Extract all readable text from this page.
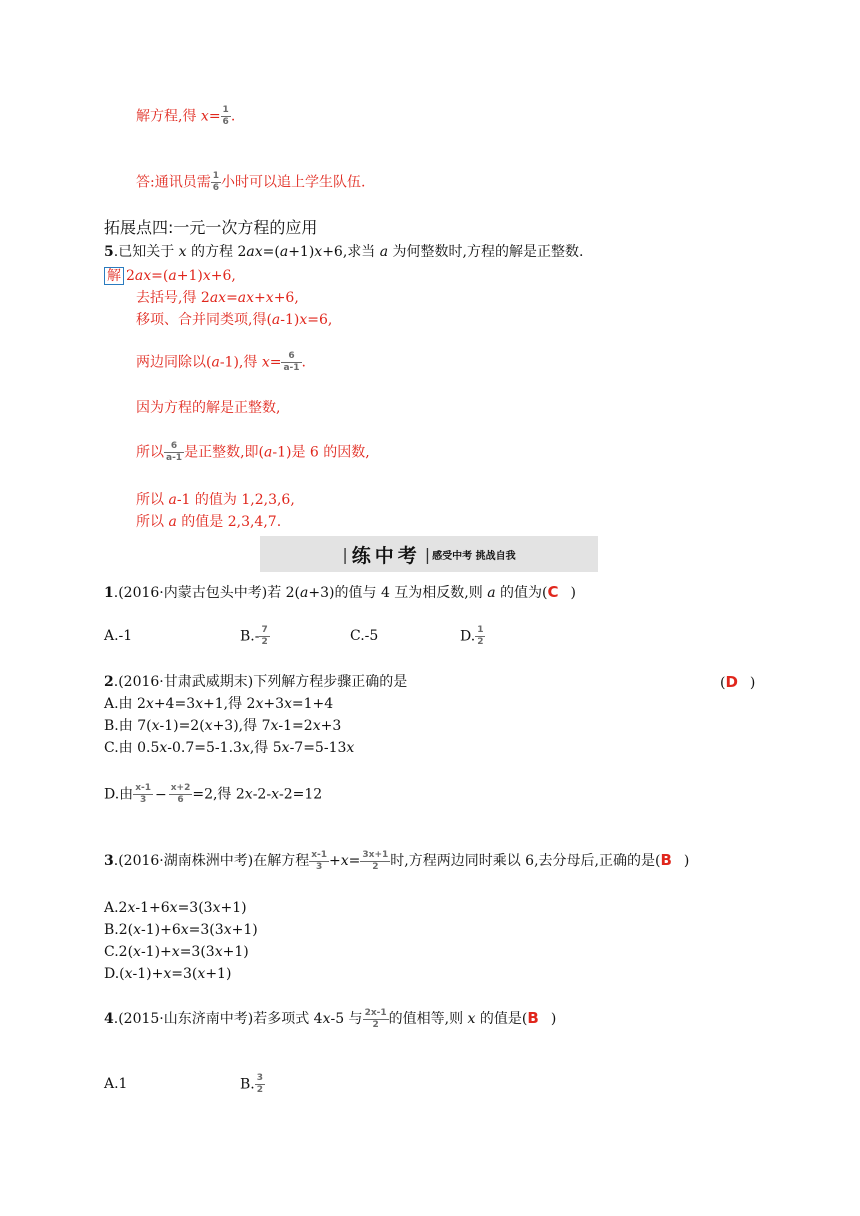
解方程,得 $x= \frac{1}{6}$ .
答:通讯员需 $\frac{1}{6}$ 小时可以追上学生队伍.
拓展点四:一元一次方程的应用
5.已知关于 x 的方程 2ax=(a+1)x+6,求当 a 为何整数时,方程的解是正整数.
解 2ax=(a+1)x+6,
去括号,得 2ax=ax+x+6,
移项、合并同类项,得(a-1)x=6,
两边同除以(a-1),得 $x= \frac{6}{a-1}$ .
因为方程的解是正整数,
所以 $\frac{6}{a-1}$ 是正整数,即(a-1)是 6 的因数,
所以 a-1 的值为 1,2,3,6,
所以 a 的值是 2,3,4,7.
| 练中考 | 感受中考 挑战自我
1.(2016·内蒙古包头中考)若 2(a+3)的值与 4 互为相反数,则 a 的值为(C )
A.-1	$B.- \frac{7}{2}$	C.-5	D. $\frac{1}{2}$
2.(2016·甘肃武威期末)下列解方程步骤正确的是	(D )
A.由 2x+4=3x+1,得 2x+3x=1+4
B.由 7(x-1)=2(x+3),得 7x-1=2x+3
C.由 0.5x-0.7=5-1.3x,得 5x-7=5-13x
D.由 $\frac{x-1}{3} - \frac{x+2}{6} =2$,得 2x-2-x-2=12
3.(2016·湖南株洲中考)在解方程 $\frac{x-1}{3} +x= \frac{3x+1}{2}$ 时,方程两边同时乘以 6,去分母后,正确的是(B )
A.2x-1+6x=3(3x+1)
B.2(x-1)+6x=3(3x+1)
C.2(x-1)+x=3(3x+1)
D.(x-1)+x=3(x+1)
4.(2015·山东济南中考)若多项式 4x-5 与 $\frac{2x-1}{2}$ 的值相等,则 x 的值是(B )
A.1	B. $\frac{3}{2}$
